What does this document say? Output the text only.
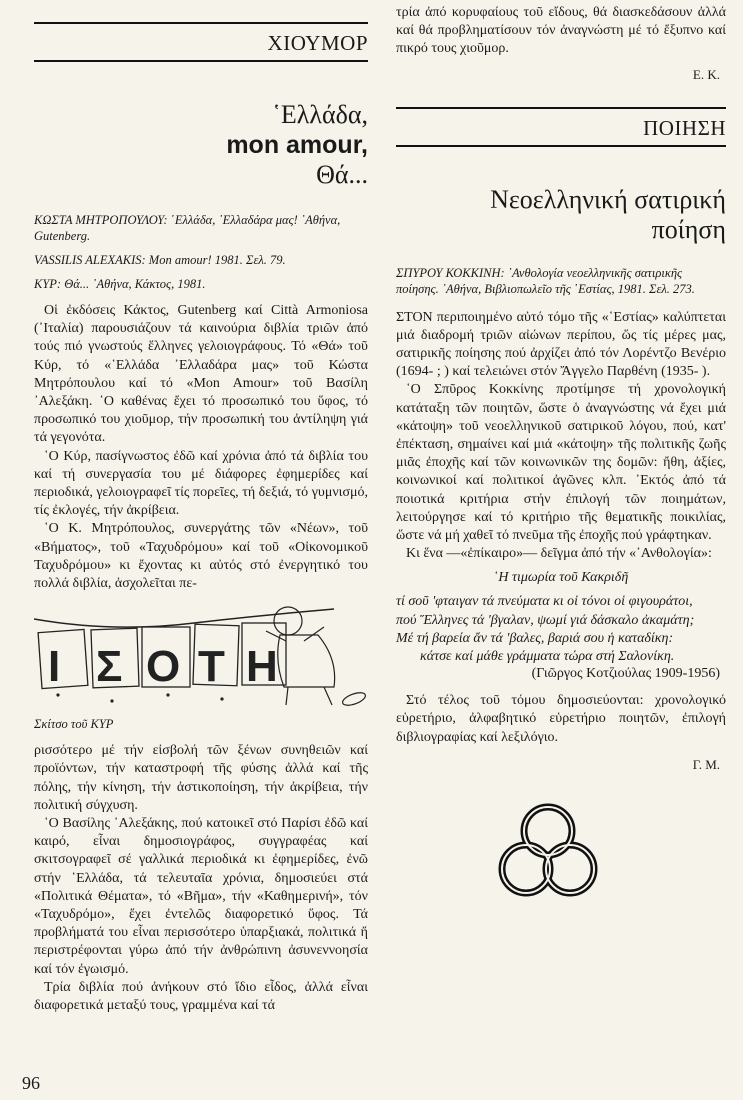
ΧΙΟΥΜΟΡ
῾Ελλάδα,
mon amour,
Θά...

ΚΩΣΤΑ ΜΗΤΡΟΠΟΥΛΟΥ: ῾Ελλάδα, ᾿Ελλαδάρα μας! ᾿Αθήνα, Gutenberg.

VASSILIS ALEXAKIS: Mon amour! 1981. Σελ. 79.

ΚΥΡ: Θά... ᾿Αθήνα, Κάκτος, 1981.

Οἱ ἐκδόσεις Κάκτος, Gutenberg καί Città Armoniosa (᾿Ιταλία) παρουσιάζουν τά καινούρια διβλία τριῶν ἀπό τούς πιό γνωστούς ἕλληνες γελοιογράφους. Τό «Θά» τοῦ Κύρ, τό «῾Ελλάδα ᾿Ελλαδάρα μας» τοῦ Κώστα Μητρόπουλου καί τό «Mon Amour» τοῦ Βασίλη ᾿Αλεξάκη. ῾Ο καθένας ἔχει τό προσωπικό του ὕφος, τό προσωπικό του χιοῦμορ, τήν προσωπική του ἀντίληψη γιά τά γεγονότα.

῾Ο Κύρ, πασίγνωστος ἐδῶ καί χρόνια ἀπό τά διβλία του καί τή συνεργασία του μέ διάφορες ἐφημερίδες καί περιοδικά, γελοιογραφεῖ τίς πορεῖες, τή δεξιά, τό γυμνισμό, τίς ἐκλογές, τήν ἀκρίβεια.

῾Ο Κ. Μητρόπουλος, συνεργάτης τῶν «Νέων», τοῦ «Βήματος», τοῦ «Ταχυδρόμου» καί τοῦ «Οἰκονομικοῦ Ταχυδρόμου» κι ἔχοντας κι αὐτός στό ἐνεργητικό του πολλά διβλία, ἀσχολεῖται πε-

Ι Σ Ο Τ Η

Σκίτσο τοῦ ΚΥΡ

ρισσότερο μέ τήν εἰσβολή τῶν ξένων συνηθειῶν καί προϊόντων, τήν καταστροφή τῆς φύσης ἀλλά καί τῆς πόλης, τήν κίνηση, τήν ἀστικοποίηση, τήν ἀκρίβεια, τήν πολιτική σύγχυση.

῾Ο Βασίλης ᾿Αλεξάκης, πού κατοικεῖ στό Παρίσι ἐδῶ καί καιρό, εἶναι δημοσιογράφος, συγγραφέας καί σκιτσογραφεῖ σέ γαλλικά περιοδικά κι ἐφημερίδες, ἐνῶ στήν ῾Ελλάδα, τά τελευταῖα χρόνια, δημοσιεύει στά «Πολιτικά Θέματα», τό «Βῆμα», τήν «Καθημερινή», τόν «Ταχυδρόμο», ἔχει ἐντελῶς διαφορετικό ὕφος. Τά προβλήματά του εἶναι περισσότερο ὑπαρξιακά, πολιτικά ἤ περιστρέφονται γύρω ἀπό τήν ἀνθρώπινη ἀσυνεννοησία καί τόν ἐγωισμό.

Τρία διβλία πού ἀνήκουν στό ἴδιο εἶδος, ἀλλά εἶναι διαφορετικά μεταξύ τους, γραμμένα καί τά

τρία ἀπό κορυφαίους τοῦ εἴδους, θά διασκεδάσουν ἀλλά καί θά προβληματίσουν τόν ἀναγνώστη μέ τό ἔξυπνο καί πικρό τους χιοῦμορ.

Ε. Κ.

ΠΟΙΗΣΗ
Νεοελληνική σατιρική
ποίηση

ΣΠΥΡΟΥ ΚΟΚΚΙΝΗ: ᾿Ανθολογία νεοελληνικῆς σατιρικῆς ποίησης. ᾿Αθήνα, Βιβλιοπωλεῖο τῆς ῾Εστίας, 1981. Σελ. 273.

ΣΤΟΝ περιποιημένο αὐτό τόμο τῆς «῾Εστίας» καλύπτεται μιά διαδρομή τριῶν αἰώνων περίπου, ὥς τίς μέρες μας, σατιρικῆς ποίησης πού ἀρχίζει ἀπό τόν Λορέντζο Βενέριο (1694- ; ) καί τελειώνει στόν Ἄγγελο Παρθένη (1935- ).

῾Ο Σπῦρος Κοκκίνης προτίμησε τή χρονολογική κατάταξη τῶν ποιητῶν, ὥστε ὁ ἀναγνώστης νά ἔχει μιά «κάτοψη» τοῦ νεοελληνικοῦ σατιρικοῦ λόγου, πού, κατ' ἐπέκταση, σημαίνει καί μιά «κάτοψη» τῆς πολιτικῆς ζωῆς μιᾶς ἐποχῆς καί τῶν κοινωνικῶν της δομῶν: ἤθη, ἀξίες, κοινωνικοί καί πολιτικοί ἀγῶνες κλπ. ᾿Εκτός ἀπό τά ποιοτικά κριτήρια στήν ἐπιλογή τῶν ποιημάτων, λειτούργησε καί τό κριτήριο τῆς θεματικῆς ποικιλίας, ὥστε νά μή χαθεῖ τό πνεῦμα τῆς ἐποχῆς πού γράφτηκαν.

Κι ἕνα —«ἐπίκαιρο»— δεῖγμα ἀπό τήν «᾿Ανθολογία»:

῾Η τιμωρία τοῦ Κακριδῆ

τί σοῦ 'φταιγαν τά πνεύματα κι οἱ τόνοι οἱ φιγουράτοι,
πού Ἕλληνες τά 'βγαλαν, ψωμί γιά δάσκαλο ἀκαμάτη;
Μέ τή βαρεία ἄν τά 'βαλες, βαριά σου ἡ καταδίκη:
κάτσε καί μάθε γράμματα τώρα στή Σαλονίκη.

(Γιῶργος Κοτζιούλας 1909-1956)

Στό τέλος τοῦ τόμου δημοσιεύονται: χρονολογικό εὑρετήριο, ἀλφαβητικό εὑρετήριο ποιητῶν, ἐπιλογή διβλιογραφίας καί λεξιλόγιο.

Γ. Μ.

96
